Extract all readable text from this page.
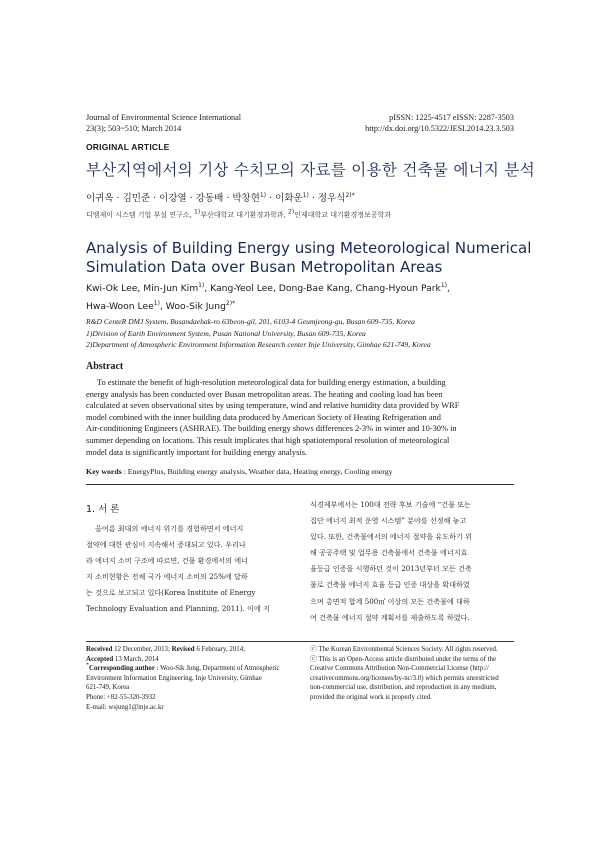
Journal of Environmental Science International
23(3); 503~510; March 2014
pISSN: 1225-4517 eISSN: 2287-3503
http://dx.doi.org/10.5322/JESI.2014.23.3.503
ORIGINAL ARTICLE
부산지역에서의 기상 수치모의 자료를 이용한 건축물 에너지 분석
이귀옥 · 김민준 · 이강열 · 강동배 · 박창현$^{1)}$ · 이화운$^{1)}$ · 정우식$^{2)*}$
디엠제이 시스템 기업 부설 연구소, $^{1)}$부산대학교 대기환경과학과, $^{2)}$인제대학교 대기환경정보공학과
Analysis of Building Energy using Meteorological Numerical
Simulation Data over Busan Metropolitan Areas
Kwi-Ok Lee, Min-Jun Kim$^{1)}$, Kang-Yeol Lee, Dong-Bae Kang, Chang-Hyoun Park$^{1)}$,
Hwa-Woon Lee$^{1)}$, Woo-Sik Jung$^{2)*}$
R&D CenteR DMJ System, Busandaehak-ro 63beon-gil, 201, 6103-4 Geumjeong-gu, Busan 609-735, Korea
1)Division of Earth Environment System, Pusan National University, Busan 609-735, Korea
2)Department of Atmospheric Environment Information Research center Inje University, Gimhae 621-749, Korea
Abstract
To estimate the benefit of high-resolution meteorological data for building energy estimation, a building
energy analysis has been conducted over Busan metropolitan areas. The heating and cooling load has been
calculated at seven observational sites by using temperature, wind and relative humidity data provided by WRF
model combined with the inner building data produced by American Society of Heating Refrigeration and
Air-conditioning Engineers (ASHRAE). The building energy shows differences 2-3% in winter and 10-30% in
summer depending on locations. This result implicates that high spatiotemporal resolution of meteorological
model data is significantly important for building energy analysis.
Key words : EnergyPlus, Building energy analysis, Weather data, Heating energy, Cooling energy
1. 서 론
올여름 최대의 에너지 위기를 경험하면서 에너지
절약에 대한 관심이 지속해서 증대되고 있다. 우리나
라 에너지 소비 구조에 따르면, 건물 환경에서의 에너
지 소비현황은 전체 국가 에너지 소비의 25%에 달하
는 것으로 보고되고 있다(Korea Institute of Energy
Technology Evaluation and Planning, 2011). 이에 지
식경제부에서는 100대 전략 후보 기술에 “건물 또는
집단 에너지 최적 운영 시스템” 분야를 선정해 놓고
있다. 또한, 건축물에서의 에너지 절약을 유도하기 위
해 공공주택 및 업무용 건축물에서 건축물 에너지효
율등급 인증을 시행하던 것이 2013년부터 모든 건축
물로 건축물 에너지 효율 등급 인증 대상을 확대하였
으며 총면적 합계 500㎡ 이상의 모든 건축물에 대하
여 건축물 에너지 절약 계획서를 제출하도록 하였다.
Received 12 December, 2013; Revised 6 February, 2014;
Accepted 13 March, 2014
*Corresponding author : Woo-Sik Jung, Department of Atmospheric
Environment Information Engineering, Inje University, Gimhae
621-749, Korea
Phone: +82-55-320-3932
E-mail: wsjung1@inje.ac.kr
ⓒ The Korean Environmental Sciences Society. All rights reserved.
ⓒ This is an Open-Access article distributed under the terms of the
Creative Commons Attribution Non-Commercial License (http://
creativecommons.org/licenses/by-nc/3.0) which permits unrestricted
non-commercial use, distribution, and reproduction in any medium,
provided the original work is properly cited.
